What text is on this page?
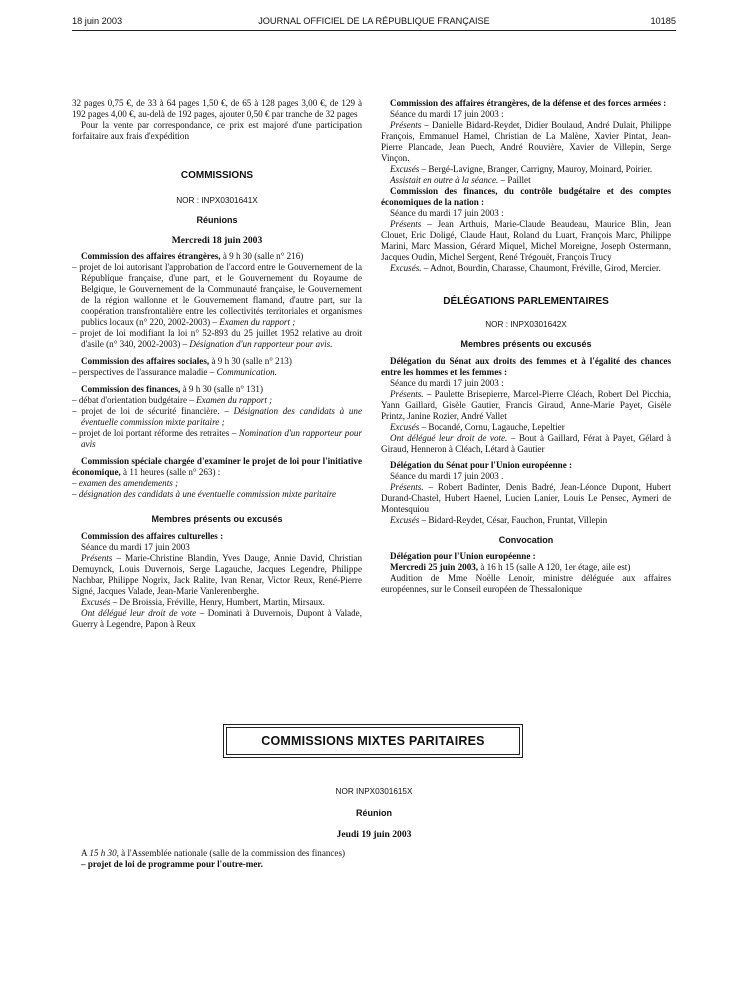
18 juin 2003	JOURNAL OFFICIEL DE LA RÉPUBLIQUE FRANÇAISE	10185

32 pages 0,75 €, de 33 à 64 pages 1,50 €, de 65 à 128 pages 3,00 €, de 129 à 192 pages 4,00 €, au-delà de 192 pages, ajouter 0,50 € par tranche de 32 pages

Pour la vente par correspondance, ce prix est majoré d'une participation forfaitaire aux frais d'expédition

COMMISSIONS
NOR : INPX0301641X
Réunions
Mercredi 18 juin 2003

Commission des affaires étrangères, à 9 h 30 (salle n° 216)

– projet de loi autorisant l'approbation de l'accord entre le Gouvernement de la République française, d'une part, et le Gouvernement du Royaume de Belgique, le Gouvernement de la Communauté française, le Gouvernement de la région wallonne et le Gouvernement flamand, d'autre part, sur la coopération transfrontalière entre les collectivités territoriales et organismes publics locaux (n° 220, 2002-2003) – Examen du rapport ;

– projet de loi modifiant la loi n° 52-893 du 25 juillet 1952 relative au droit d'asile (n° 340, 2002-2003) – Désignation d'un rapporteur pour avis.

Commission des affaires sociales, à 9 h 30 (salle n° 213)

– perspectives de l'assurance maladie – Communication.

Commission des finances, à 9 h 30 (salle n° 131)

– débat d'orientation budgétaire – Examen du rapport ;

– projet de loi de sécurité financière. – Désignation des candidats à une éventuelle commission mixte paritaire ;

– projet de loi portant réforme des retraites – Nomination d'un rapporteur pour avis

Commission spéciale chargée d'examiner le projet de loi pour l'initiative économique, à 11 heures (salle n° 263) :

– examen des amendements ;

– désignation des candidats à une éventuelle commission mixte paritaire

Membres présents ou excusés

Commission des affaires culturelles :

Séance du mardi 17 juin 2003

Présents – Marie-Christine Blandin, Yves Dauge, Annie David, Christian Demuynck, Louis Duvernois, Serge Lagauche, Jacques Legendre, Philippe Nachbar, Philippe Nogrix, Jack Ralite, Ivan Renar, Victor Reux, René-Pierre Signé, Jacques Valade, Jean-Marie Vanlerenberghe.

Excusés – De Broissia, Fréville, Henry, Humbert, Martin, Mirsaux.

Ont délégué leur droit de vote – Dominati à Duvernois, Dupont à Valade, Guerry à Legendre, Papon à Reux

Commission des affaires étrangères, de la défense et des forces armées :

Séance du mardi 17 juin 2003 :

Présents – Danielle Bidard-Reydet, Didier Boulaud, André Dulait, Philippe François, Emmanuel Hamel, Christian de La Malène, Xavier Pintat, Jean-Pierre Plancade, Jean Puech, André Rouvière, Xavier de Villepin, Serge Vinçon.

Excusés – Bergé-Lavigne, Branger, Carrigny, Mauroy, Moinard, Poirier.

Assistait en outre à la séance. – Paillet

Commission des finances, du contrôle budgétaire et des comptes économiques de la nation :

Séance du mardi 17 juin 2003 :

Présents – Jean Arthuis, Marie-Claude Beaudeau, Maurice Blin, Jean Clouet, Eric Doligé, Claude Haut, Roland du Luart, François Marc, Philippe Marini, Marc Massion, Gérard Miquel, Michel Moreigne, Joseph Ostermann, Jacques Oudin, Michel Sergent, René Trégouët, François Trucy

Excusés. – Adnot, Bourdin, Charasse, Chaumont, Fréville, Girod, Mercier.

DÉLÉGATIONS PARLEMENTAIRES
NOR : INPX0301642X
Membres présents ou excusés

Délégation du Sénat aux droits des femmes et à l'égalité des chances entre les hommes et les femmes :

Séance du mardi 17 juin 2003 :

Présents. – Paulette Brisepierre, Marcel-Pierre Cléach, Robert Del Picchia, Yann Gaillard, Gisèle Gautier, Francis Giraud, Anne-Marie Payet, Gisèle Printz, Janine Rozier, André Vallet

Excusés – Bocandé, Cornu, Lagauche, Lepeltier

Ont délégué leur droit de vote. – Bout à Gaillard, Férat à Payet, Gélard à Giraud, Henneron à Cléach, Létard à Gautier

Délégation du Sénat pour l'Union européenne :

Séance du mardi 17 juin 2003 .

Présents. – Robert Badinter, Denis Badré, Jean-Léonce Dupont, Hubert Durand-Chastel, Hubert Haenel, Lucien Lanier, Louis Le Pensec, Aymeri de Montesquiou

Excusés – Bidard-Reydet, César, Fauchon, Fruntat, Villepin

Convocation

Délégation pour l'Union européenne :

Mercredi 25 juin 2003, à 16 h 15 (salle A 120, 1er étage, aile est)

Audition de Mme Noëlle Lenoir, ministre déléguée aux affaires européennes, sur le Conseil européen de Thessalonique

COMMISSIONS MIXTES PARITAIRES
NOR INPX0301615X
Réunion
Jeudi 19 juin 2003

A 15 h 30, à l'Assemblée nationale (salle de la commission des finances)

– projet de loi de programme pour l'outre-mer.
